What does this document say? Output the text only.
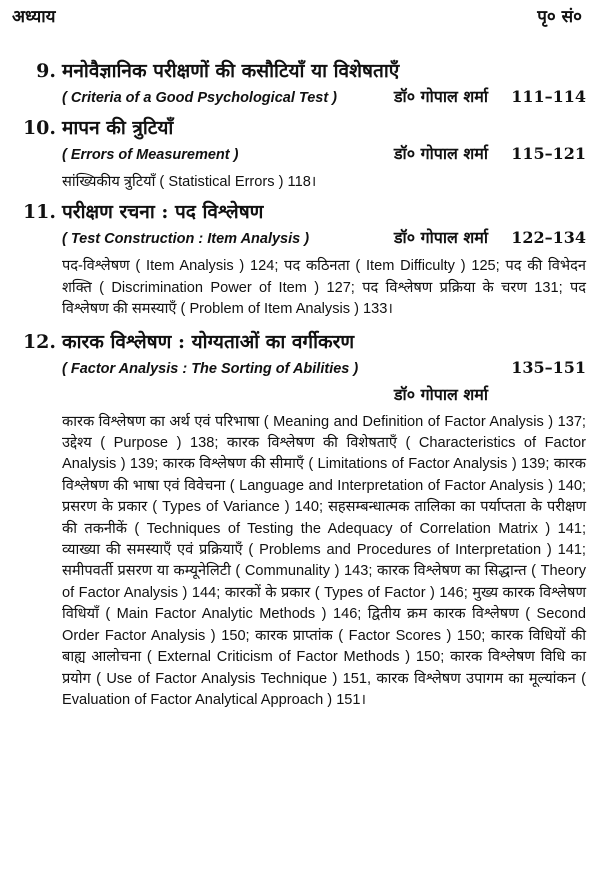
अध्याय	पृ० सं०
9. मनोवैज्ञानिक परीक्षणों की कसौटियाँ या विशेषताएँ
( Criteria of a Good Psychological Test )	डॉ० गोपाल शर्मा	111–114
10. मापन की त्रुटियाँ
( Errors of Measurement )	डॉ० गोपाल शर्मा	115–121
सांख्यिकीय त्रुटियाँ ( Statistical Errors ) 118।
11. परीक्षण रचना : पद विश्लेषण
( Test Construction : Item Analysis )	डॉ० गोपाल शर्मा	122–134
पद-विश्लेषण ( Item Analysis ) 124; पद कठिनता ( Item Difficulty ) 125; पद की विभेदन शक्ति ( Discrimination Power of Item ) 127; पद विश्लेषण प्रक्रिया के चरण 131; पद विश्लेषण की समस्याएँ ( Problem of Item Analysis ) 133।
12. कारक विश्लेषण : योग्यताओं का वर्गीकरण
( Factor Analysis : The Sorting of Abilities )	135–151
डॉ० गोपाल शर्मा
कारक विश्लेषण का अर्थ एवं परिभाषा ( Meaning and Definition of Factor Analysis ) 137; उद्देश्य ( Purpose ) 138; कारक विश्लेषण की विशेषताएँ ( Characteristics of Factor Analysis ) 139; कारक विश्लेषण की सीमाएँ ( Limitations of Factor Analysis ) 139; कारक विश्लेषण की भाषा एवं विवेचना ( Language and Interpretation of Factor Analysis ) 140; प्रसरण के प्रकार ( Types of Variance ) 140; सहसम्बन्धात्मक तालिका का पर्याप्तता के परीक्षण की तकनीकें ( Techniques of Testing the Adequacy of Correlation Matrix ) 141; व्याख्या की समस्याएँ एवं प्रक्रियाएँ ( Problems and Procedures of Interpretation ) 141; समीपवर्ती प्रसरण या कम्यूनेलिटी ( Communality ) 143; कारक विश्लेषण का सिद्धान्त ( Theory of Factor Analysis ) 144; कारकों के प्रकार ( Types of Factor ) 146; मुख्य कारक विश्लेषण विधियाँ ( Main Factor Analytic Methods ) 146; द्वितीय क्रम कारक विश्लेषण ( Second Order Factor Analysis ) 150; कारक प्राप्तांक ( Factor Scores ) 150; कारक विधियों की बाह्य आलोचना ( External Criticism of Factor Methods ) 150; कारक विश्लेषण विधि का प्रयोग ( Use of Factor Analysis Technique ) 151, कारक विश्लेषण उपागम का मूल्यांकन ( Evaluation of Factor Analytical Approach ) 151।
